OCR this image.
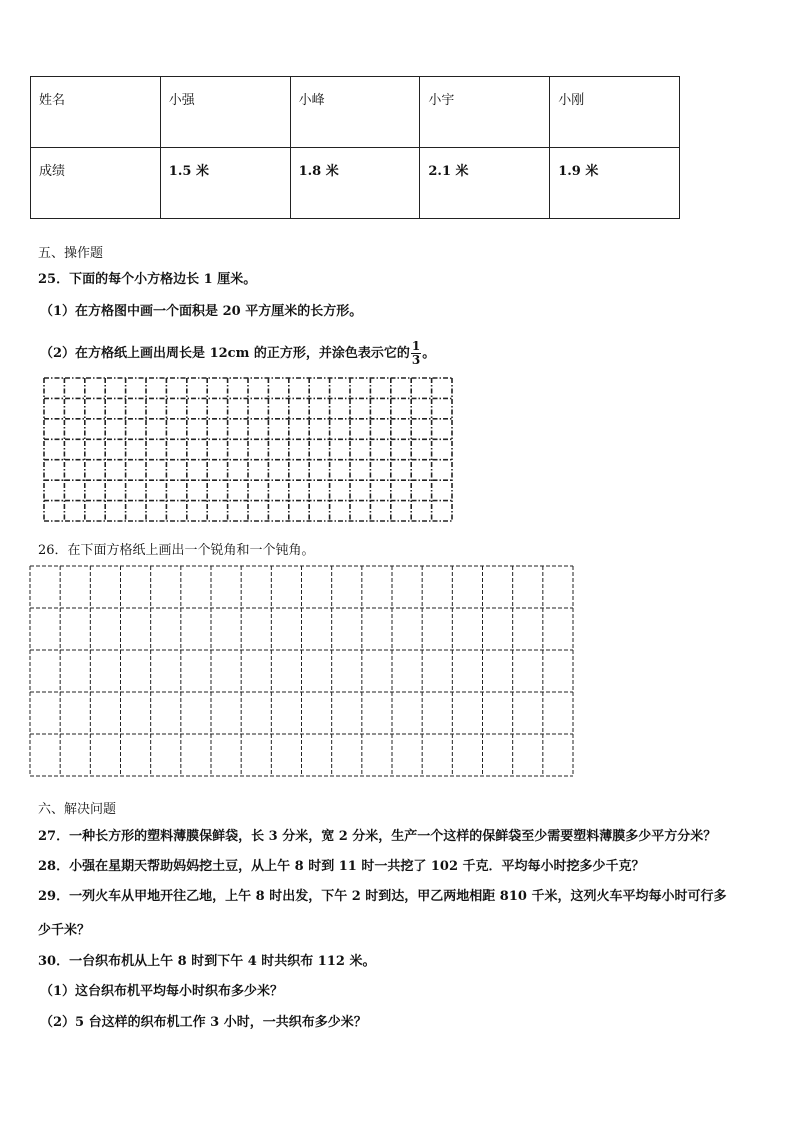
姓名	小强	小峰	小宇	小刚
成绩	1.5 米	1.8 米	2.1 米	1.9 米
五、操作题
25．下面的每个小方格边长 1 厘米。
（1）在方格图中画一个面积是 20 平方厘米的长方形。
（2）在方格纸上画出周长是 12cm 的正方形，并涂色表示它的 $\frac{1}{3}$ 。
26．在下面方格纸上画出一个锐角和一个钝角。
六、解决问题
27．一种长方形的塑料薄膜保鲜袋，长 3 分米，宽 2 分米，生产一个这样的保鲜袋至少需要塑料薄膜多少平方分米？
28．小强在星期天帮助妈妈挖土豆，从上午 8 时到 11 时一共挖了 102 千克．平均每小时挖多少千克？
29．一列火车从甲地开往乙地，上午 8 时出发，下午 2 时到达，甲乙两地相距 810 千米，这列火车平均每小时可行多
少千米？
30．一台织布机从上午 8 时到下午 4 时共织布 112 米。
（1）这台织布机平均每小时织布多少米？
（2）5 台这样的织布机工作 3 小时，一共织布多少米？
